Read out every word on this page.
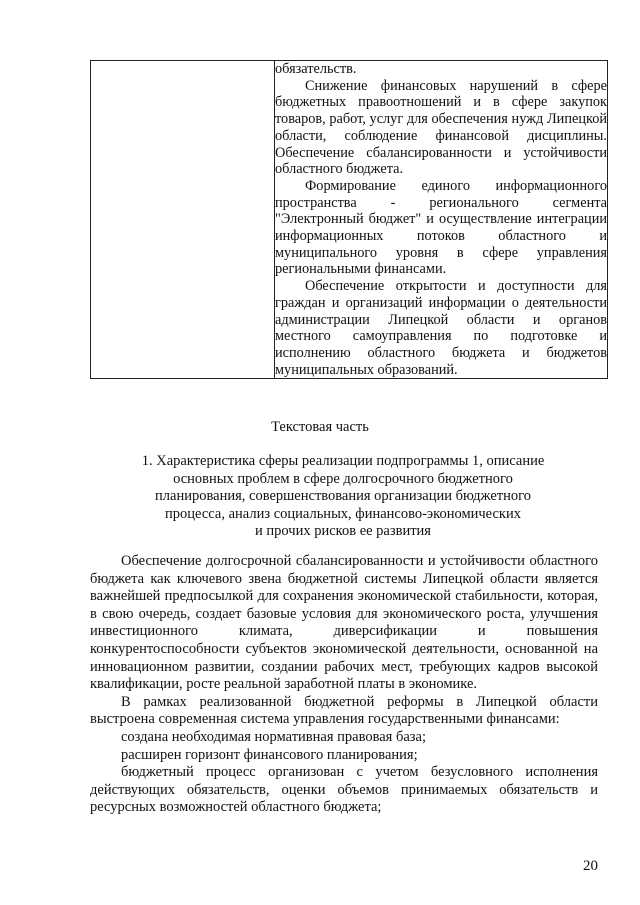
обязательств.

Снижение финансовых нарушений в сфере бюджетных правоотношений и в сфере закупок товаров, работ, услуг для обеспечения нужд Липецкой области, соблюдение финансовой дисциплины. Обеспечение сбалансированности и устойчивости областного бюджета.

Формирование единого информационного пространства - регионального сегмента "Электронный бюджет" и осуществление интеграции информационных потоков областного и муниципального уровня в сфере управления региональными финансами.

Обеспечение открытости и доступности для граждан и организаций информации о деятельности администрации Липецкой области и органов местного самоуправления по подготовке и исполнению областного бюджета и бюджетов муниципальных образований.

Текстовая часть
1. Характеристика сферы реализации подпрограммы 1, описание
основных проблем в сфере долгосрочного бюджетного
планирования, совершенствования организации бюджетного
процесса, анализ социальных, финансово-экономических
и прочих рисков ее развития

Обеспечение долгосрочной сбалансированности и устойчивости областного бюджета как ключевого звена бюджетной системы Липецкой области является важнейшей предпосылкой для сохранения экономической стабильности, которая, в свою очередь, создает базовые условия для экономического роста, улучшения инвестиционного климата, диверсификации и повышения конкурентоспособности субъектов экономической деятельности, основанной на инновационном развитии, создании рабочих мест, требующих кадров высокой квалификации, росте реальной заработной платы в экономике.

В рамках реализованной бюджетной реформы в Липецкой области выстроена современная система управления государственными финансами:

создана необходимая нормативная правовая база;

расширен горизонт финансового планирования;

бюджетный процесс организован с учетом безусловного исполнения действующих обязательств, оценки объемов принимаемых обязательств и ресурсных возможностей областного бюджета;

20
